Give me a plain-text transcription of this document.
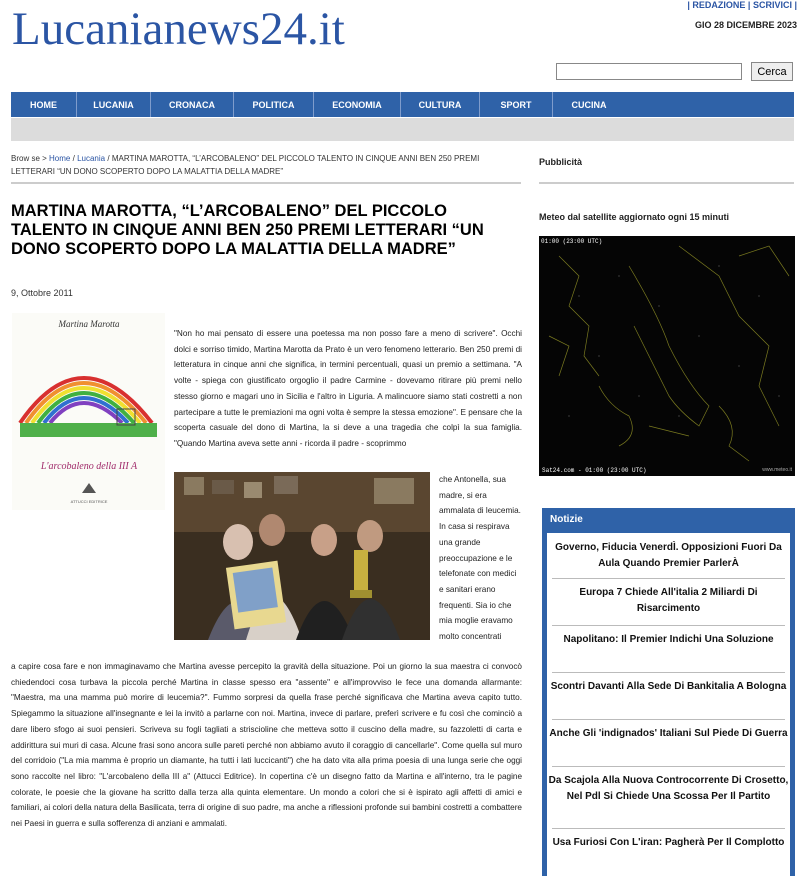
Lucanianews24.it	| REDAZIONE | SCRIVICI |
GIO 28 DICEMBRE 2023
Cerca
HOME	LUCANIA	CRONACA	POLITICA	ECONOMIA	CULTURA	SPORT	CUCINA
Brow se > Home / Lucania / MARTINA MAROTTA, “L’ARCOBALENO” DEL PICCOLO TALENTO IN CINQUE ANNI BEN 250 PREMI LETTERARI “UN DONO SCOPERTO DOPO LA MALATTIA DELLA MADRE”
MARTINA MAROTTA, “L’ARCOBALENO” DEL PICCOLO TALENTO IN CINQUE ANNI BEN 250 PREMI LETTERARI “UN DONO SCOPERTO DOPO LA MALATTIA DELLA MADRE”
9, Ottobre 2011
Martina Marotta
L'arcobaleno della III A
ATTUCCI EDITRICE

"Non ho mai pensato di essere una poetessa ma non posso fare a meno di scrivere". Occhi dolci e sorriso timido, Martina Marotta da Prato è un vero fenomeno letterario. Ben 250 premi di letteratura in cinque anni che significa, in termini percentuali, quasi un premio a settimana. "A volte - spiega con giustificato orgoglio il padre Carmine - dovevamo ritirare più premi nello stesso giorno e magari uno in Sicilia e l'altro in Liguria. A malincuore siamo stati costretti a non partecipare a tutte le premiazioni ma ogni volta è sempre la stessa emozione". E pensare che la scoperta casuale del dono di Martina, la si deve a una tragedia che colpì la sua famiglia. "Quando Martina aveva sette anni - ricorda il padre - scoprimmo

che Antonella, sua madre, si era ammalata di leucemia. In casa si respirava una grande preoccupazione e le telefonate con medici e sanitari erano frequenti. Sia io che mia moglie eravamo molto concentrati

a capire cosa fare e non immaginavamo che Martina avesse percepito la gravità della situazione. Poi un giorno la sua maestra ci convocò chiedendoci cosa turbava la piccola perché Martina in classe spesso era "assente" e all'improvviso le fece una domanda allarmante: "Maestra, ma una mamma può morire di leucemia?". Fummo sorpresi da quella frase perché significava che Martina aveva capito tutto. Spiegammo la situazione all'insegnante e lei la invitò a parlarne con noi. Martina, invece di parlare, preferì scrivere e fu così che cominciò a dare libero sfogo ai suoi pensieri. Scriveva su fogli tagliati a striscioline che metteva sotto il cuscino della madre, su fazzoletti di carta e addirittura sui muri di casa. Alcune frasi sono ancora sulle pareti perché non abbiamo avuto il coraggio di cancellarle". Come quella sul muro del corridoio ("La mia mamma è proprio un diamante, ha tutti i lati luccicanti") che ha dato vita alla prima poesia di una lunga serie che oggi sono raccolte nel libro: "L'arcobaleno della III a" (Attucci Editrice). In copertina c'è un disegno fatto da Martina e all'interno, tra le pagine colorate, le poesie che la giovane ha scritto dalla terza alla quinta elementare. Un mondo a colori che si è ispirato agli affetti di amici e familiari, ai colori della natura della Basilicata, terra di origine di suo padre, ma anche a riflessioni profonde sui bambini costretti a combattere nei Paesi in guerra e sulla sofferenza di anziani e ammalati.

Pubblicità
Meteo dal satellite aggiornato ogni 15 minuti
01:00 (23:00 UTC)
Sat24.com - 01:00 (23:00 UTC)	www.meteo.it
Notizie
Governo, Fiducia VenerdÌ. Opposizioni Fuori Da Aula Quando Premier ParlerÀ
Europa 7 Chiede All'italia 2 Miliardi Di Risarcimento
Napolitano: Il Premier Indichi Una Soluzione
Scontri Davanti Alla Sede Di Bankitalia A Bologna
Anche Gli 'indignados' Italiani Sul Piede Di Guerra
Da Scajola Alla Nuova Controcorrente Di Crosetto, Nel Pdl Si Chiede Una Scossa Per Il Partito
Usa Furiosi Con L'iran: Pagherà Per Il Complotto
